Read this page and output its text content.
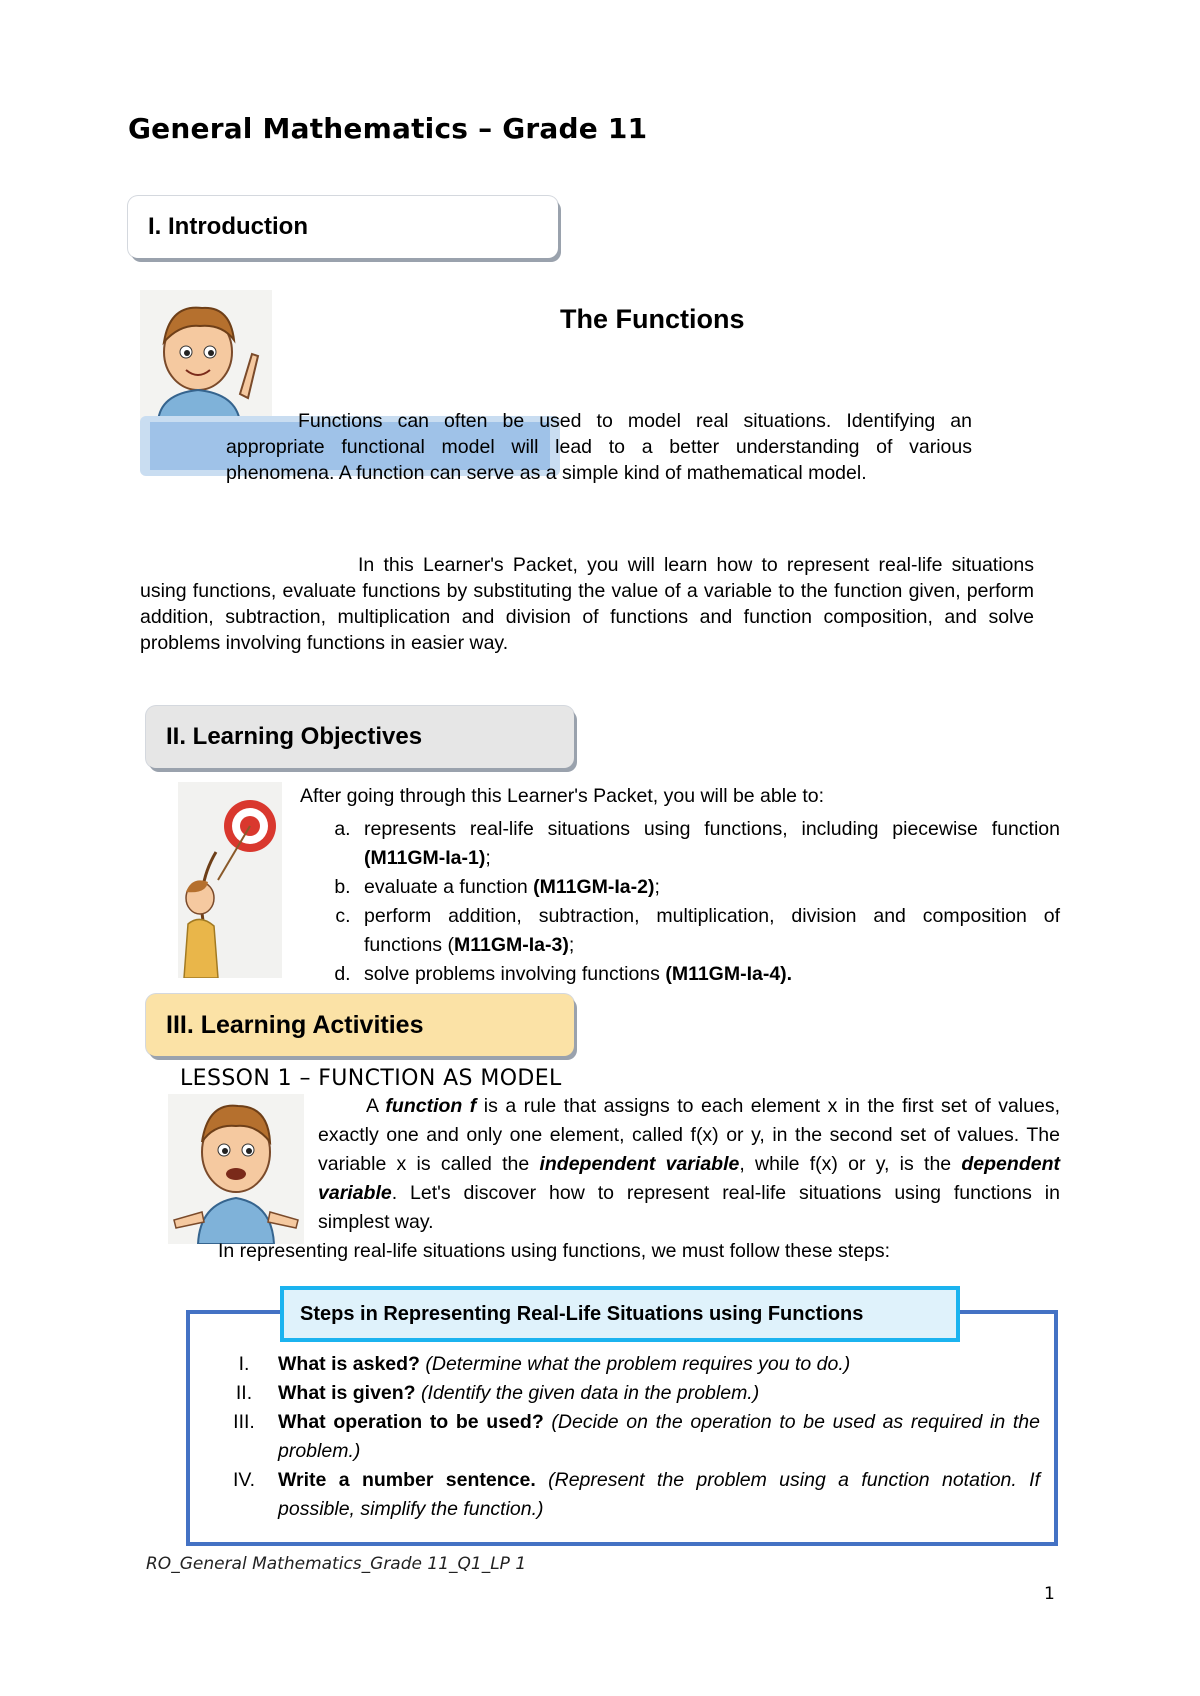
General Mathematics – Grade 11
I. Introduction
The Functions
Functions can often be used to model real situations. Identifying an appropriate functional model will lead to a better understanding of various phenomena. A function can serve as a simple kind of mathematical model.
In this Learner's Packet, you will learn how to represent real-life situations using functions, evaluate functions by substituting the value of a variable to the function given, perform addition, subtraction, multiplication and division of functions and function composition, and solve problems involving functions in easier way.
II. Learning Objectives
After going through this Learner's Packet, you will be able to:
a. represents real-life situations using functions, including piecewise function (M11GM-Ia-1);
b. evaluate a function (M11GM-Ia-2);
c. perform addition, subtraction, multiplication, division and composition of functions (M11GM-Ia-3);
d. solve problems involving functions (M11GM-Ia-4).
III. Learning Activities
LESSON 1 – FUNCTION AS MODEL
A function f is a rule that assigns to each element x in the first set of values, exactly one and only one element, called f(x) or y, in the second set of values. The variable x is called the independent variable, while f(x) or y, is the dependent variable. Let's discover how to represent real-life situations using functions in simplest way.
In representing real-life situations using functions, we must follow these steps:
Steps in Representing Real-Life Situations using Functions
I.	What is asked? (Determine what the problem requires you to do.)
II.	What is given? (Identify the given data in the problem.)
III.	What operation to be used? (Decide on the operation to be used as required in the problem.)
IV.	Write a number sentence. (Represent the problem using a function notation. If possible, simplify the function.)
RO_General Mathematics_Grade 11_Q1_LP 1
1
